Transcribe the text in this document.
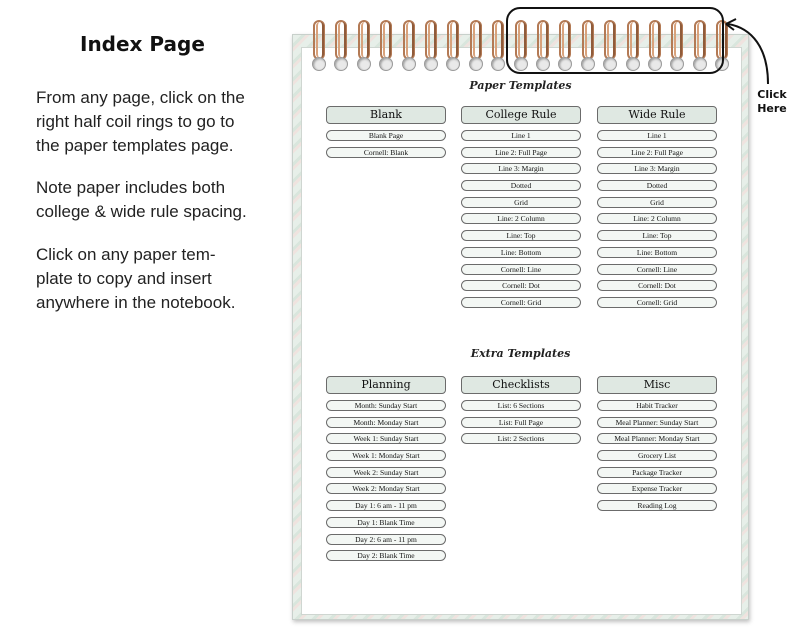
Index Page
From any page, click on the
right half coil rings to go to
the paper templates page.
Note paper includes both
college & wide rule spacing.
Click on any paper tem-
plate to copy and insert
anywhere in the notebook.
Click
Here
Paper Templates
Extra Templates
Blank
Blank Page
Cornell: Blank
College Rule
Line 1
Line 2: Full Page
Line 3: Margin
Dotted
Grid
Line: 2 Column
Line: Top
Line: Bottom
Cornell: Line
Cornell: Dot
Cornell: Grid
Wide Rule
Line 1
Line 2: Full Page
Line 3: Margin
Dotted
Grid
Line: 2 Column
Line: Top
Line: Bottom
Cornell: Line
Cornell: Dot
Cornell: Grid
Planning
Month: Sunday Start
Month: Monday Start
Week 1: Sunday Start
Week 1: Monday Start
Week 2: Sunday Start
Week 2: Monday Start
Day 1: 6 am - 11 pm
Day 1: Blank Time
Day 2: 6 am - 11 pm
Day 2: Blank Time
Checklists
List: 6 Sections
List: Full Page
List: 2 Sections
Misc
Habit Tracker
Meal Planner: Sunday Start
Meal Planner: Monday Start
Grocery List
Package Tracker
Expense Tracker
Reading Log
